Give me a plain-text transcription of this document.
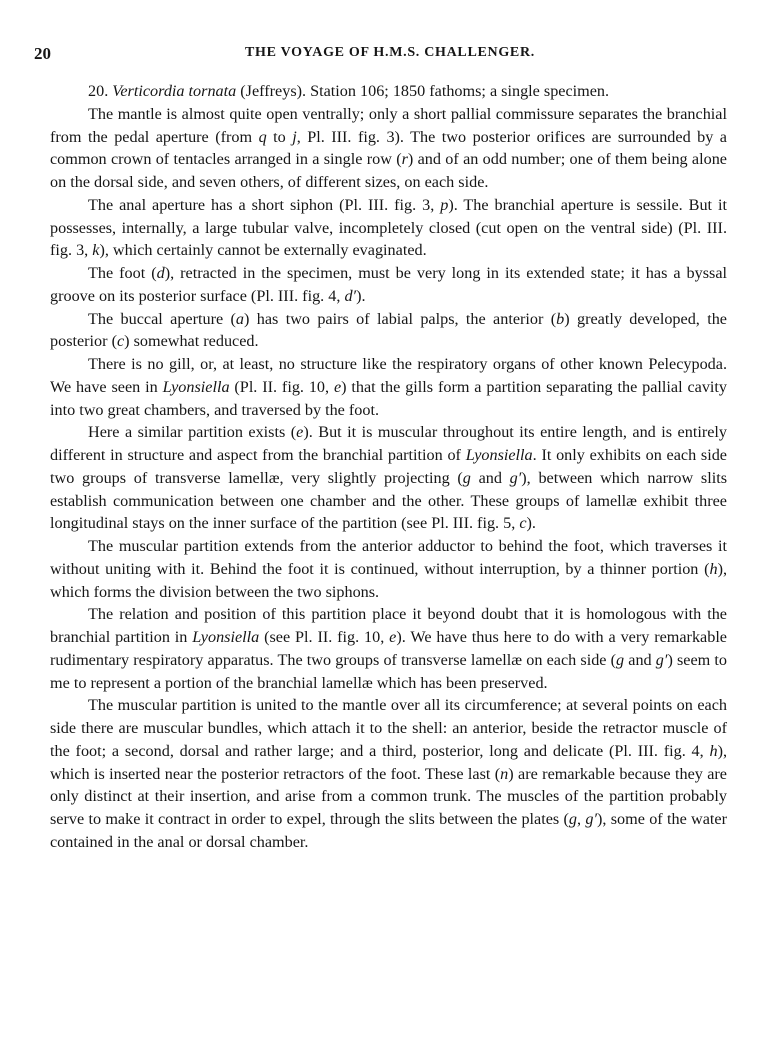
20	THE VOYAGE OF H.M.S. CHALLENGER.

20. Verticordia tornata (Jeffreys). Station 106; 1850 fathoms; a single specimen.

The mantle is almost quite open ventrally; only a short pallial commissure separates the branchial from the pedal aperture (from q to j, Pl. III. fig. 3). The two posterior orifices are surrounded by a common crown of tentacles arranged in a single row (r) and of an odd number; one of them being alone on the dorsal side, and seven others, of different sizes, on each side.

The anal aperture has a short siphon (Pl. III. fig. 3, p). The branchial aperture is sessile. But it possesses, internally, a large tubular valve, incompletely closed (cut open on the ventral side) (Pl. III. fig. 3, k), which certainly cannot be externally evaginated.

The foot (d), retracted in the specimen, must be very long in its extended state; it has a byssal groove on its posterior surface (Pl. III. fig. 4, d′).

The buccal aperture (a) has two pairs of labial palps, the anterior (b) greatly developed, the posterior (c) somewhat reduced.

There is no gill, or, at least, no structure like the respiratory organs of other known Pelecypoda. We have seen in Lyonsiella (Pl. II. fig. 10, e) that the gills form a partition separating the pallial cavity into two great chambers, and traversed by the foot.

Here a similar partition exists (e). But it is muscular throughout its entire length, and is entirely different in structure and aspect from the branchial partition of Lyonsiella. It only exhibits on each side two groups of transverse lamellæ, very slightly projecting (g and g′), between which narrow slits establish communication between one chamber and the other. These groups of lamellæ exhibit three longitudinal stays on the inner surface of the partition (see Pl. III. fig. 5, c).

The muscular partition extends from the anterior adductor to behind the foot, which traverses it without uniting with it. Behind the foot it is continued, without interruption, by a thinner portion (h), which forms the division between the two siphons.

The relation and position of this partition place it beyond doubt that it is homologous with the branchial partition in Lyonsiella (see Pl. II. fig. 10, e). We have thus here to do with a very remarkable rudimentary respiratory apparatus. The two groups of transverse lamellæ on each side (g and g′) seem to me to represent a portion of the branchial lamellæ which has been preserved.

The muscular partition is united to the mantle over all its circumference; at several points on each side there are muscular bundles, which attach it to the shell: an anterior, beside the retractor muscle of the foot; a second, dorsal and rather large; and a third, posterior, long and delicate (Pl. III. fig. 4, h), which is inserted near the posterior retractors of the foot. These last (n) are remarkable because they are only distinct at their insertion, and arise from a common trunk. The muscles of the partition probably serve to make it contract in order to expel, through the slits between the plates (g, g′), some of the water contained in the anal or dorsal chamber.
